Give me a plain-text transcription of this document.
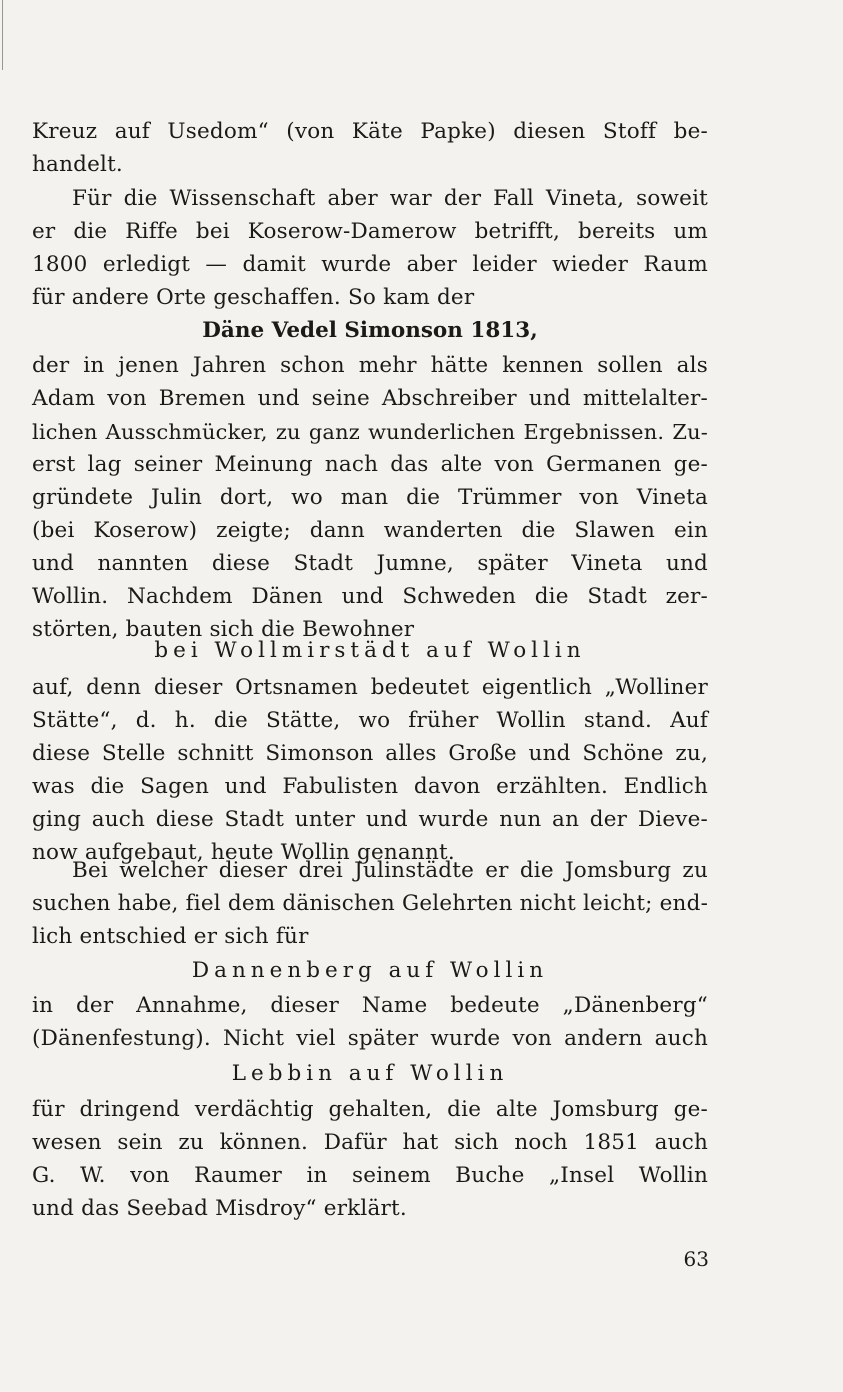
Kreuz auf Usedom“ (von Käte Papke) diesen Stoff be-
handelt.
Für die Wissenschaft aber war der Fall Vineta, soweit
er die Riffe bei Koserow-Damerow betrifft, bereits um
1800 erledigt — damit wurde aber leider wieder Raum
für andere Orte geschaffen. So kam der
Däne Vedel Simonson 1813,
der in jenen Jahren schon mehr hätte kennen sollen als
Adam von Bremen und seine Abschreiber und mittelalter-
lichen Ausschmücker, zu ganz wunderlichen Ergebnissen. Zu-
erst lag seiner Meinung nach das alte von Germanen ge-
gründete Julin dort, wo man die Trümmer von Vineta
(bei Koserow) zeigte; dann wanderten die Slawen ein
und nannten diese Stadt Jumne, später Vineta und
Wollin. Nachdem Dänen und Schweden die Stadt zer-
störten, bauten sich die Bewohner
bei Wollmirstädt auf Wollin
auf, denn dieser Ortsnamen bedeutet eigentlich „Wolliner
Stätte“, d. h. die Stätte, wo früher Wollin stand. Auf
diese Stelle schnitt Simonson alles Große und Schöne zu,
was die Sagen und Fabulisten davon erzählten. Endlich
ging auch diese Stadt unter und wurde nun an der Dieve-
now aufgebaut, heute Wollin genannt.
Bei welcher dieser drei Julinstädte er die Jomsburg zu
suchen habe, fiel dem dänischen Gelehrten nicht leicht; end-
lich entschied er sich für
Dannenberg auf Wollin
in der Annahme, dieser Name bedeute „Dänenberg“
(Dänenfestung). Nicht viel später wurde von andern auch
Lebbin auf Wollin
für dringend verdächtig gehalten, die alte Jomsburg ge-
wesen sein zu können. Dafür hat sich noch 1851 auch
G. W. von Raumer in seinem Buche „Insel Wollin
und das Seebad Misdroy“ erklärt.
63
